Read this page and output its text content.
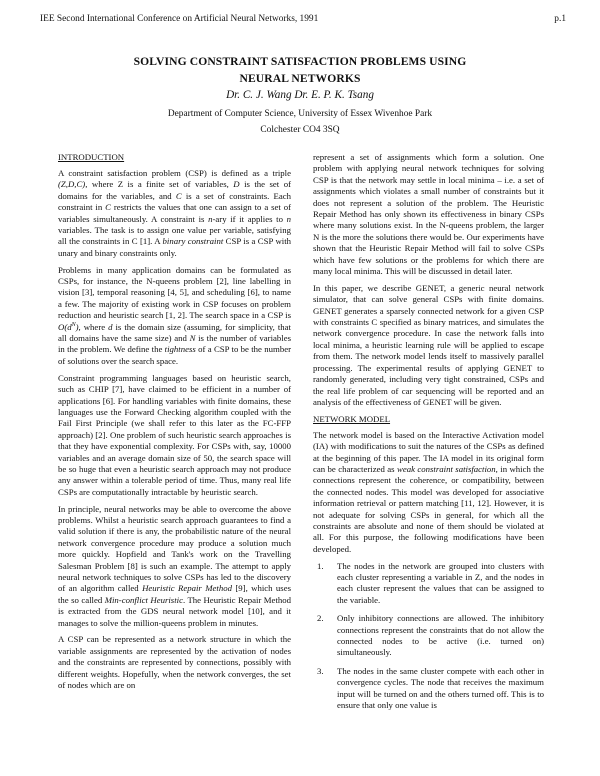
IEE Second International Conference on Artificial Neural Networks, 1991	p.1
SOLVING CONSTRAINT SATISFACTION PROBLEMS USING
NEURAL NETWORKS
Dr. C. J. Wang Dr. E. P. K. Tsang
Department of Computer Science, University of Essex Wivenhoe Park
Colchester CO4 3SQ
INTRODUCTION

A constraint satisfaction problem (CSP) is defined as a triple (Z,D,C), where Z is a finite set of variables, D is the set of domains for the variables, and C is a set of constraints. Each constraint in C restricts the values that one can assign to a set of variables simultaneously. A constraint is n-ary if it applies to n variables. The task is to assign one value per variable, satisfying all the constraints in C [1]. A binary constraint CSP is a CSP with unary and binary constraints only.

Problems in many application domains can be formulated as CSPs, for instance, the N-queens problem [2], line labelling in vision [3], temporal reasoning [4, 5], and scheduling [6], to name a few. The majority of existing work in CSP focuses on problem reduction and heuristic search [1, 2]. The search space in a CSP is $O(d^N)$, where d is the domain size (assuming, for simplicity, that all domains have the same size) and N is the number of variables in the problem. We define the tightness of a CSP to be the number of solutions over the search space.

Constraint programming languages based on heuristic search, such as CHIP [7], have claimed to be efficient in a number of applications [6]. For handling variables with finite domains, these languages use the Forward Checking algorithm coupled with the Fail First Principle (we shall refer to this later as the FC-FFP approach) [2]. One problem of such heuristic search approaches is that they have exponential complexity. For CSPs with, say, 10000 variables and an average domain size of 50, the search space will be so huge that even a heuristic search approach may not produce any answer within a tolerable period of time. Thus, many real life CSPs are computationally intractable by heuristic search.

In principle, neural networks may be able to overcome the above problems. Whilst a heuristic search approach guarantees to find a valid solution if there is any, the probabilistic nature of the neural network convergence procedure may produce a solution much more quickly. Hopfield and Tank's work on the Travelling Salesman Problem [8] is such an example. The attempt to apply neural network techniques to solve CSPs has led to the discovery of an algorithm called Heuristic Repair Method [9], which uses the so called Min-conflict Heuristic. The Heuristic Repair Method is extracted from the GDS neural network model [10], and it manages to solve the million-queens problem in minutes.

A CSP can be represented as a network structure in which the variable assignments are represented by the activation of nodes and the constraints are represented by connections, possibly with different weights. Hopefully, when the network converges, the set of nodes which are on

represent a set of assignments which form a solution. One problem with applying neural network techniques for solving CSP is that the network may settle in local minima – i.e. a set of assignments which violates a small number of constraints but it does not represent a solution of the problem. The Heuristic Repair Method has only shown its effectiveness in binary CSPs where many solutions exist. In the N-queens problem, the larger N is the more the solutions there would be. Our experiments have shown that the Heuristic Repair Method will fail to solve CSPs which have few solutions or the problems for which there are many local minima. This will be discussed in detail later.

In this paper, we describe GENET, a generic neural network simulator, that can solve general CSPs with finite domains. GENET generates a sparsely connected network for a given CSP with constraints C specified as binary matrices, and simulates the network convergence procedure. In case the network falls into local minima, a heuristic learning rule will be applied to escape from them. The network model lends itself to massively parallel processing. The experimental results of applying GENET to randomly generated, including very tight constrained, CSPs and the real life problem of car sequencing will be reported and an analysis of the effectiveness of GENET will be given.

NETWORK MODEL

The network model is based on the Interactive Activation model (IA) with modifications to suit the natures of the CSPs as defined at the beginning of this paper. The IA model in its original form can be characterized as weak constraint satisfaction, in which the connections represent the coherence, or compatibility, between the connected nodes. This model was developed for associative information retrieval or pattern matching [11, 12]. However, it is not adequate for solving CSPs in general, for which all the constraints are absolute and none of them should be violated at all. For this purpose, the following modifications have been developed.

1.	The nodes in the network are grouped into clusters with each cluster representing a variable in Z, and the nodes in each cluster represent the values that can be assigned to the variable.
2.	Only inhibitory connections are allowed. The inhibitory connections represent the constraints that do not allow the connected nodes to be active (i.e. turned on) simultaneously.
3.	The nodes in the same cluster compete with each other in convergence cycles. The node that receives the maximum input will be turned on and the others turned off. This is to ensure that only one value is
